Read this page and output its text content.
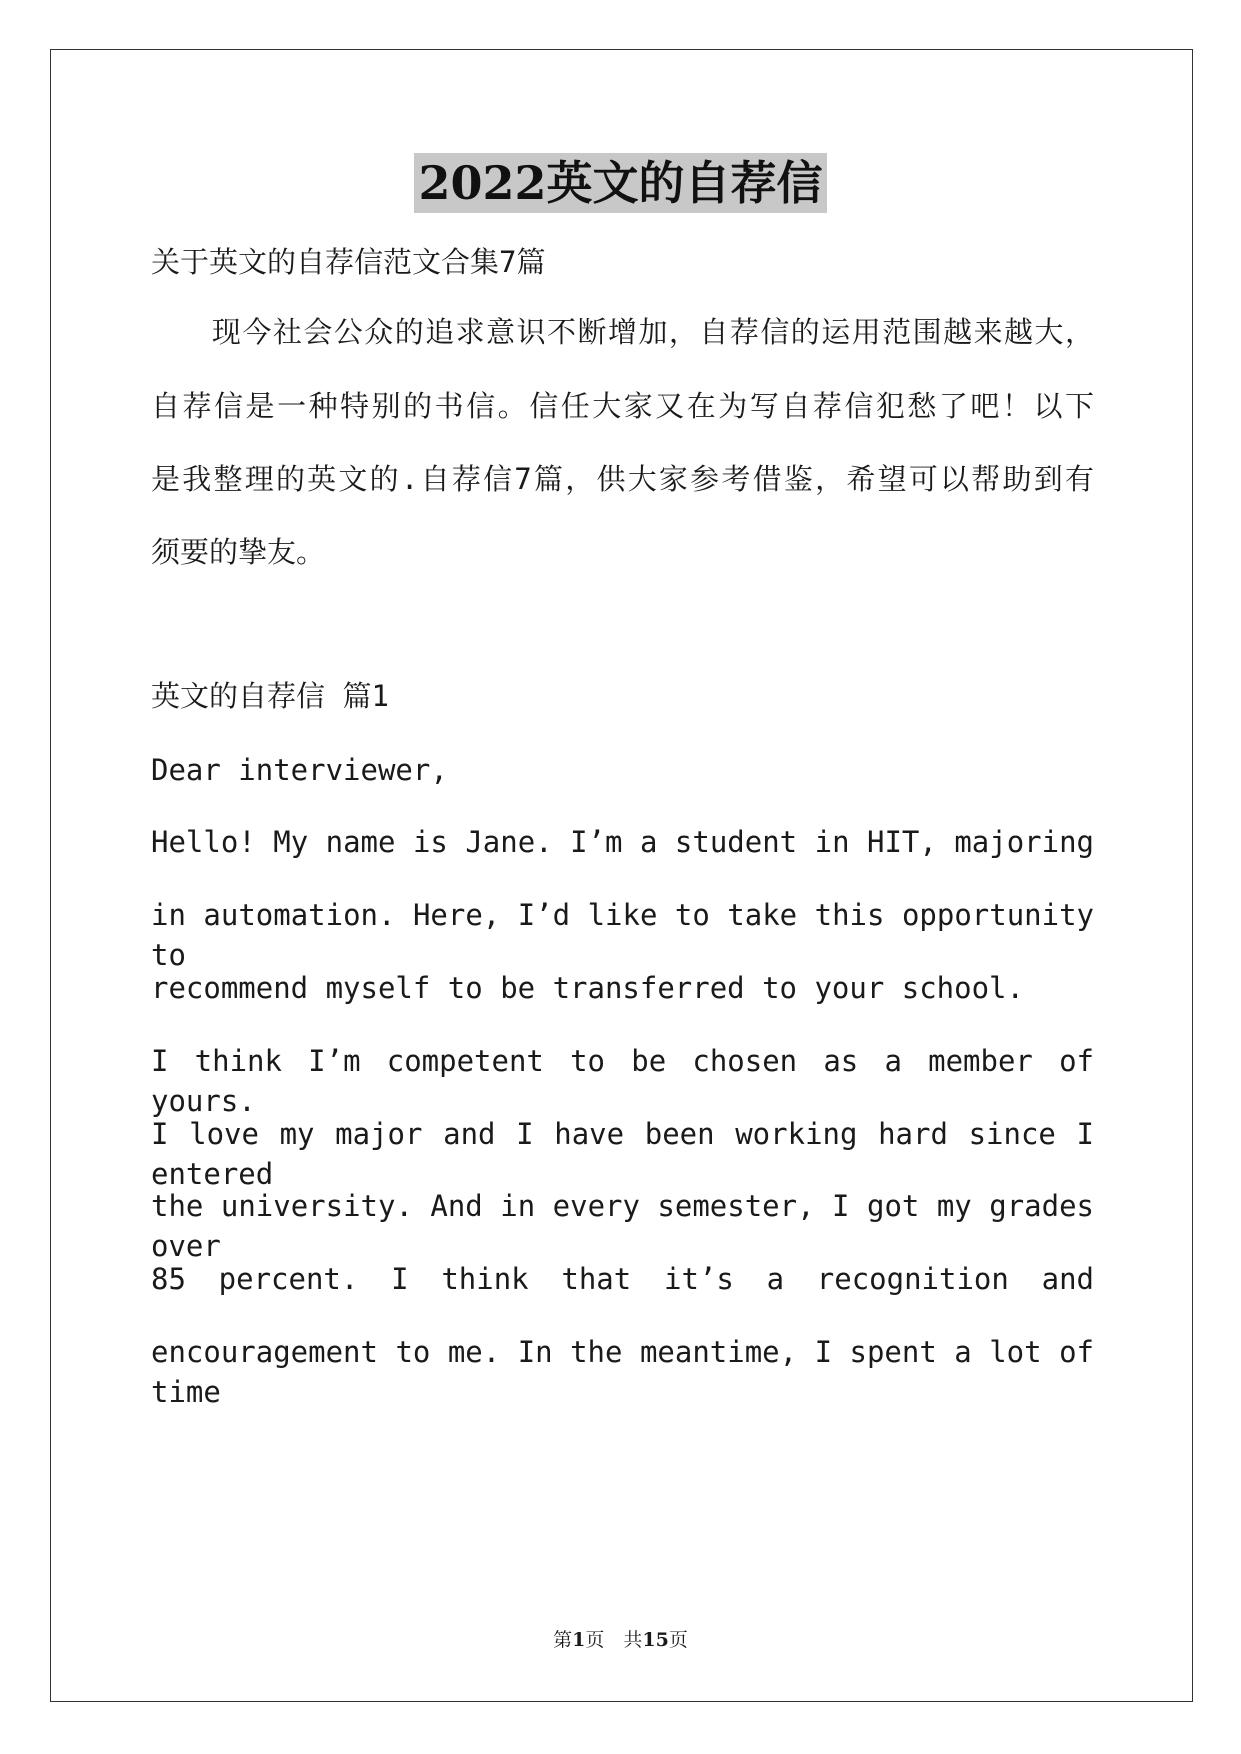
2022英文的自荐信
关于英文的自荐信范文合集7篇
　　现今社会公众的追求意识不断增加，自荐信的运用范围越来越大，
自荐信是一种特别的书信。信任大家又在为写自荐信犯愁了吧！以下
是我整理的英文的.自荐信7篇，供大家参考借鉴，希望可以帮助到有
须要的挚友。
英文的自荐信 篇1
Dear interviewer,
Hello! My name is Jane. I’m a student in HIT, majoring
in automation. Here, I’d like to take this opportunity to
recommend myself to be transferred to your school.
I think I’m competent to be chosen as a member of yours.
I love my major and I have been working hard since I entered
the university. And in every semester, I got my grades over
85 percent. I think that it’s a recognition and
encouragement to me. In the meantime, I spent a lot of time
第1页　 共15页
